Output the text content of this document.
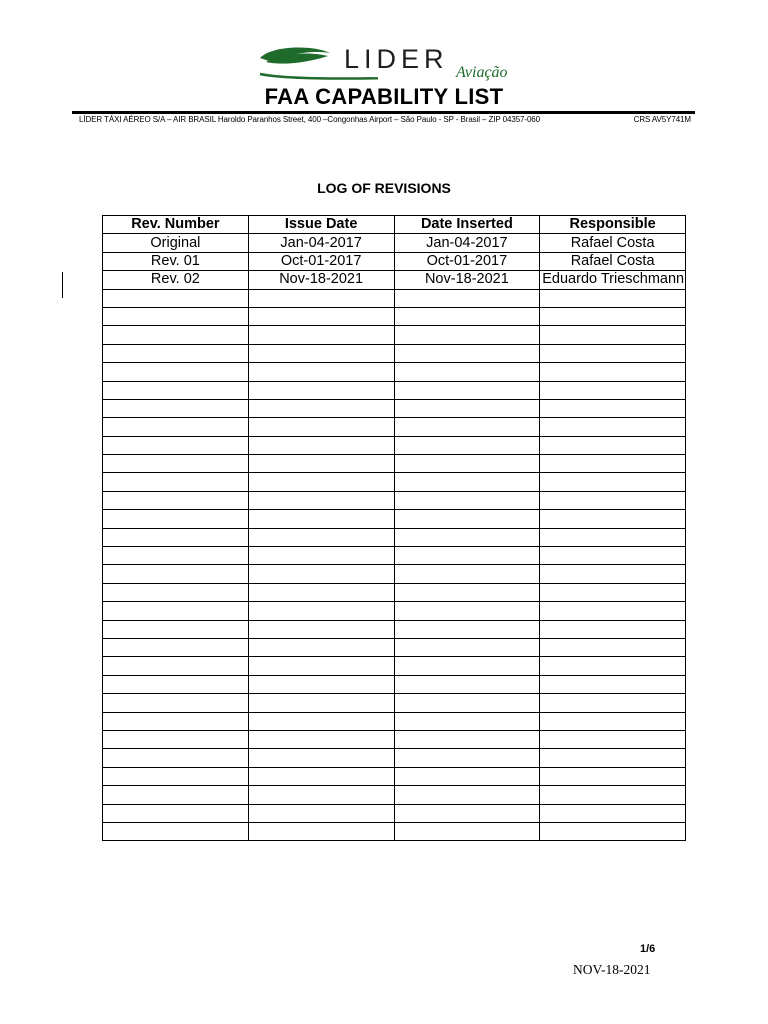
LIDER Aviação
FAA CAPABILITY LIST
LÍDER TÁXI AÉREO S/A – AIR BRASIL Haroldo Paranhos Street, 400 –Congonhas Airport – São Paulo - SP - Brasil – ZIP 04357-060	CRS AV5Y741M
LOG OF REVISIONS
Rev. Number	Issue Date	Date Inserted	Responsible
Original	Jan-04-2017	Jan-04-2017	Rafael Costa
Rev. 01	Oct-01-2017	Oct-01-2017	Rafael Costa
Rev. 02	Nov-18-2021	Nov-18-2021	Eduardo Trieschmann

1/6
NOV-18-2021
